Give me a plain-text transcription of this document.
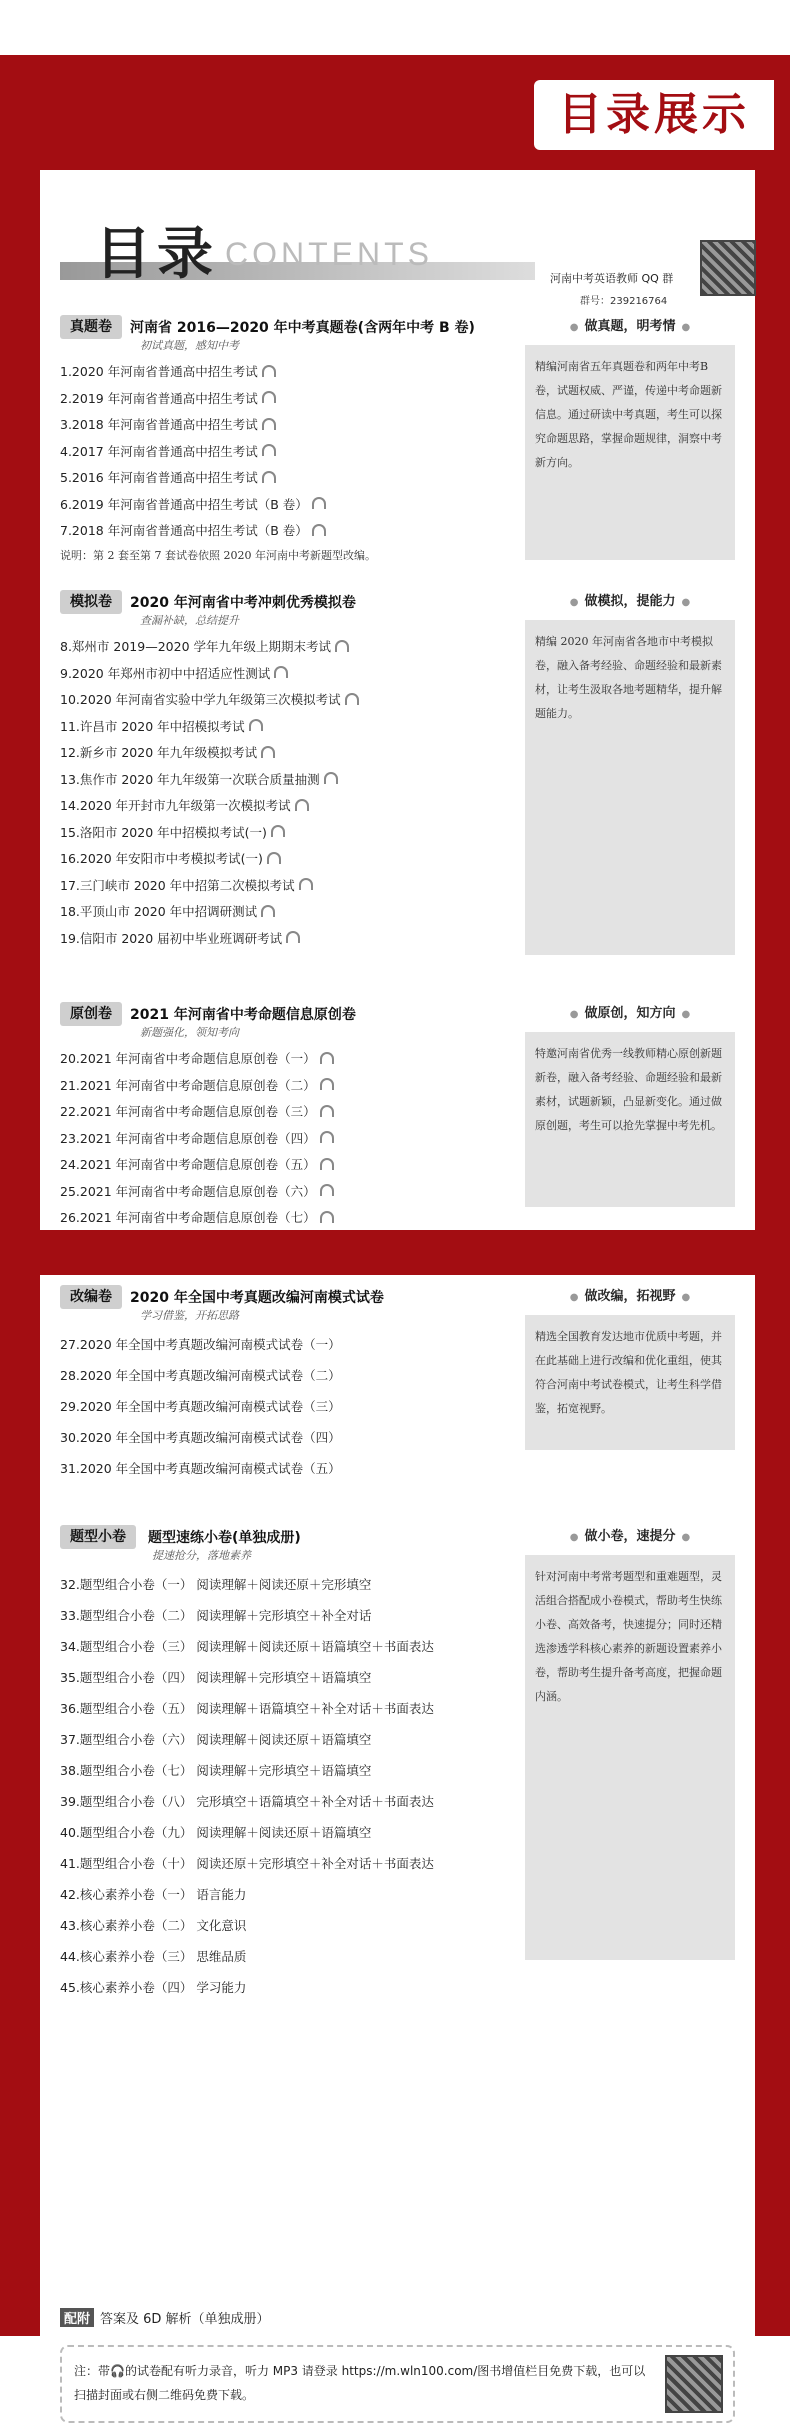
目录展示
目录 CONTENTS
河南中考英语教师 QQ 群
群号：239216764
真题卷	河南省 2016—2020 年中考真题卷(含两年中考 B 卷)
初试真题，感知中考
1.2020 年河南省普通高中招生考试
2.2019 年河南省普通高中招生考试
3.2018 年河南省普通高中招生考试
4.2017 年河南省普通高中招生考试
5.2016 年河南省普通高中招生考试
6.2019 年河南省普通高中招生考试（B 卷）
7.2018 年河南省普通高中招生考试（B 卷）
说明：第 2 套至第 7 套试卷依照 2020 年河南中考新题型改编。
● 做真题，明考情 ●
精编河南省五年真题卷和两年中考B卷，试题权威、严谨，传递中考命题新信息。通过研读中考真题，考生可以探究命题思路，掌握命题规律，洞察中考新方向。
模拟卷	2020 年河南省中考冲刺优秀模拟卷
查漏补缺，总结提升
8.郑州市 2019—2020 学年九年级上期期末考试
9.2020 年郑州市初中中招适应性测试
10.2020 年河南省实验中学九年级第三次模拟考试
11.许昌市 2020 年中招模拟考试
12.新乡市 2020 年九年级模拟考试
13.焦作市 2020 年九年级第一次联合质量抽测
14.2020 年开封市九年级第一次模拟考试
15.洛阳市 2020 年中招模拟考试(一)
16.2020 年安阳市中考模拟考试(一)
17.三门峡市 2020 年中招第二次模拟考试
18.平顶山市 2020 年中招调研测试
19.信阳市 2020 届初中毕业班调研考试
● 做模拟，提能力 ●
精编 2020 年河南省各地市中考模拟卷，融入备考经验、命题经验和最新素材，让考生汲取各地考题精华，提升解题能力。
原创卷	2021 年河南省中考命题信息原创卷
新题强化，领知考向
20.2021 年河南省中考命题信息原创卷（一）
21.2021 年河南省中考命题信息原创卷（二）
22.2021 年河南省中考命题信息原创卷（三）
23.2021 年河南省中考命题信息原创卷（四）
24.2021 年河南省中考命题信息原创卷（五）
25.2021 年河南省中考命题信息原创卷（六）
26.2021 年河南省中考命题信息原创卷（七）
● 做原创，知方向 ●
特邀河南省优秀一线教师精心原创新题新卷，融入备考经验、命题经验和最新素材，试题新颖，凸显新变化。通过做原创题，考生可以抢先掌握中考先机。
改编卷	2020 年全国中考真题改编河南模式试卷
学习借鉴，开拓思路
27.2020 年全国中考真题改编河南模式试卷（一）
28.2020 年全国中考真题改编河南模式试卷（二）
29.2020 年全国中考真题改编河南模式试卷（三）
30.2020 年全国中考真题改编河南模式试卷（四）
31.2020 年全国中考真题改编河南模式试卷（五）
● 做改编，拓视野 ●
精选全国教育发达地市优质中考题，并在此基础上进行改编和优化重组，使其符合河南中考试卷模式，让考生科学借鉴，拓宽视野。
题型小卷	题型速练小卷(单独成册)
提速抢分，落地素养
32.题型组合小卷（一） 阅读理解＋阅读还原＋完形填空
33.题型组合小卷（二） 阅读理解＋完形填空＋补全对话
34.题型组合小卷（三） 阅读理解＋阅读还原＋语篇填空＋书面表达
35.题型组合小卷（四） 阅读理解＋完形填空＋语篇填空
36.题型组合小卷（五） 阅读理解＋语篇填空＋补全对话＋书面表达
37.题型组合小卷（六） 阅读理解＋阅读还原＋语篇填空
38.题型组合小卷（七） 阅读理解＋完形填空＋语篇填空
39.题型组合小卷（八） 完形填空＋语篇填空＋补全对话＋书面表达
40.题型组合小卷（九） 阅读理解＋阅读还原＋语篇填空
41.题型组合小卷（十） 阅读还原＋完形填空＋补全对话＋书面表达
42.核心素养小卷（一） 语言能力
43.核心素养小卷（二） 文化意识
44.核心素养小卷（三） 思维品质
45.核心素养小卷（四） 学习能力
● 做小卷，速提分 ●
针对河南中考常考题型和重难题型，灵活组合搭配成小卷模式，帮助考生快练小卷、高效备考，快速提分；同时还精选渗透学科核心素养的新题设置素养小卷，帮助考生提升备考高度，把握命题内涵。
配附 答案及 6D 解析（单独成册）
注：带🎧的试卷配有听力录音，听力 MP3 请登录 https://m.wln100.com/图书增值栏目免费下载，也可以扫描封面或右侧二维码免费下载。
